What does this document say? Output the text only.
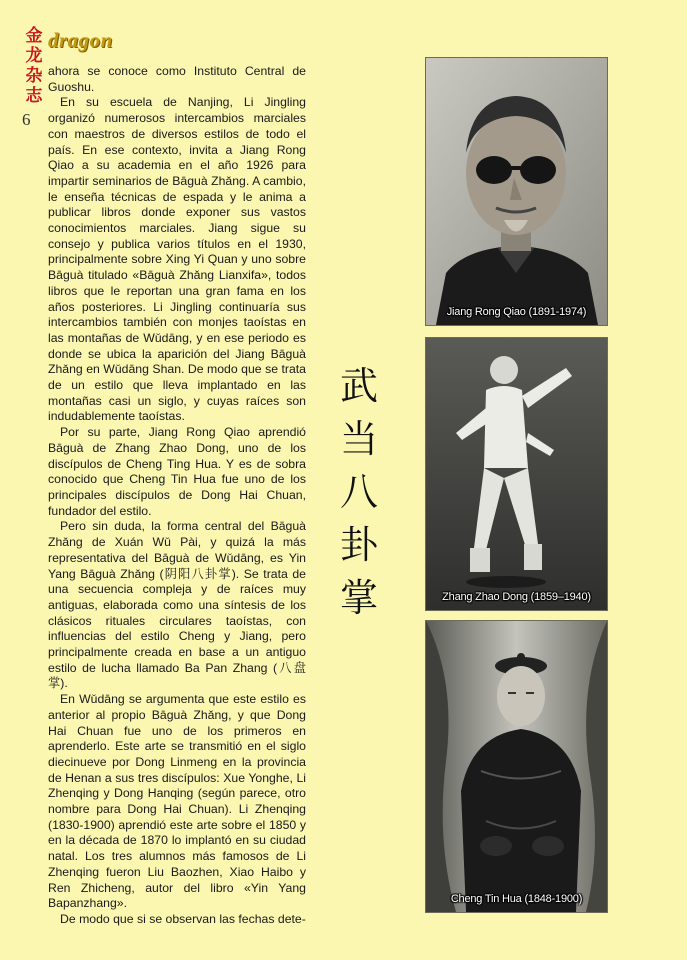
金
龙
杂
志
dragon
6

ahora se conoce como Instituto Central de Guoshu.

En su escuela de Nanjing, Li Jingling organizó numerosos intercambios marciales con maestros de diversos estilos de todo el país. En ese contexto, invita a Jiang Rong Qiao a su academia en el año 1926 para impartir seminarios de Bāguà Zhǎng. A cambio, le enseña técnicas de espada y le anima a publicar libros donde exponer sus vastos conocimientos marciales. Jiang sigue su consejo y publica varios títulos en el 1930, principalmente sobre Xing Yi Quan y uno sobre Bāguà titulado «Bāguà Zhǎng Lianxifa», todos libros que le reportan una gran fama en los años posteriores. Li Jingling continuaría sus intercambios también con monjes taoístas en las montañas de Wǔdāng, y en ese periodo es donde se ubica la aparición del Jiang Bāguà Zhǎng en Wǔdāng Shan. De modo que se trata de un estilo que lleva implantado en las montañas casi un siglo, y cuyas raíces son indudablemente taoístas.

Por su parte, Jiang Rong Qiao aprendió Bāguà de Zhang Zhao Dong, uno de los discípulos de Cheng Ting Hua. Y es de sobra conocido que Cheng Tin Hua fue uno de los principales discípulos de Dong Hai Chuan, fundador del estilo.

Pero sin duda, la forma central del Bāguà Zhǎng de Xuán Wǔ Pài, y quizá la más representativa del Bāguà de Wǔdāng, es Yin Yang Bāguà Zhǎng (阴阳八卦掌). Se trata de una secuencia compleja y de raíces muy antiguas, elaborada como una síntesis de los clásicos rituales circulares taoístas, con influencias del estilo Cheng y Jiang, pero principalmente creada en base a un antiguo estilo de lucha llamado Ba Pan Zhang (八盘掌).

En Wǔdāng se argumenta que este estilo es anterior al propio Bāguà Zhǎng, y que Dong Hai Chuan fue uno de los primeros en aprenderlo. Este arte se transmitió en el siglo diecinueve por Dong Linmeng en la provincia de Henan a sus tres discípulos: Xue Yonghe, Li Zhenqing y Dong Hanqing (según parece, otro nombre para Dong Hai Chuan). Li Zhenqing (1830-1900) aprendió este arte sobre el 1850 y en la década de 1870 lo implantó en su ciudad natal. Los tres alumnos más famosos de Li Zhenqing fueron Liu Baozhen, Xiao Haibo y Ren Zhicheng, autor del libro «Yin Yang Bapanzhang».

De modo que si se observan las fechas dete-

武
当
八
卦
掌
Jiang Rong Qiao (1891-1974)
Zhang Zhao Dong (1859–1940)
Cheng Tin Hua (1848-1900)
